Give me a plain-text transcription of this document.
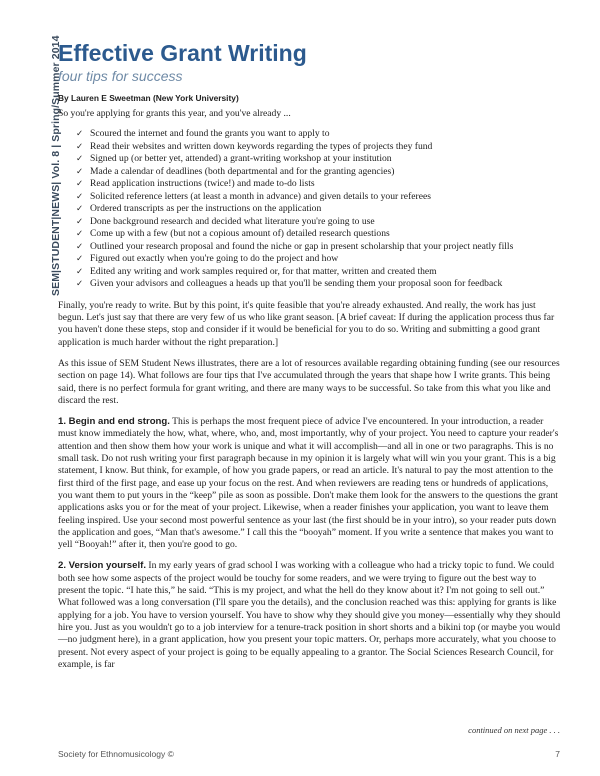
SEM|STUDENT|NEWS| Vol. 8 | Spring/Summer 2014
Effective Grant Writing
four tips for success
By Lauren E Sweetman (New York University)

So you're applying for grants this year, and you've already ...

✓ Scoured the internet and found the grants you want to apply to
✓ Read their websites and written down keywords regarding the types of projects they fund
✓ Signed up (or better yet, attended) a grant-writing workshop at your institution
✓ Made a calendar of deadlines (both departmental and for the granting agencies)
✓ Read application instructions (twice!) and made to-do lists
✓ Solicited reference letters (at least a month in advance) and given details to your referees
✓ Ordered transcripts as per the instructions on the application
✓ Done background research and decided what literature you're going to use
✓ Come up with a few (but not a copious amount of) detailed research questions
✓ Outlined your research proposal and found the niche or gap in present scholarship that your project neatly fills
✓ Figured out exactly when you're going to do the project and how
✓ Edited any writing and work samples required or, for that matter, written and created them
✓ Given your advisors and colleagues a heads up that you'll be sending them your proposal soon for feedback

Finally, you're ready to write. But by this point, it's quite feasible that you're already exhausted. And really, the work has just begun. Let's just say that there are very few of us who like grant season. [A brief caveat: If during the application process thus far you haven't done these steps, stop and consider if it would be beneficial for you to do so. Writing and submitting a good grant application is much harder without the right preparation.]

As this issue of SEM Student News illustrates, there are a lot of resources available regarding obtaining funding (see our resources section on page 14). What follows are four tips that I've accumulated through the years that shape how I write grants. This being said, there is no perfect formula for grant writing, and there are many ways to be successful. So take from this what you like and discard the rest.

1. Begin and end strong. This is perhaps the most frequent piece of advice I've encountered. In your introduction, a reader must know immediately the how, what, where, who, and, most importantly, why of your project. You need to capture your reader's attention and then show them how your work is unique and what it will accomplish—and all in one or two paragraphs. This is no small task. Do not rush writing your first paragraph because in my opinion it is largely what will win you your grant. This is a big statement, I know. But think, for example, of how you grade papers, or read an article. It's natural to pay the most attention to the first third of the first page, and ease up your focus on the rest. And when reviewers are reading tens or hundreds of applications, you want them to put yours in the “keep” pile as soon as possible. Don't make them look for the answers to the questions the grant applications asks you or for the meat of your project. Likewise, when a reader finishes your application, you want to leave them feeling inspired. Use your second most powerful sentence as your last (the first should be in your intro), so your reader puts down the application and goes, “Man that's awesome.” I call this the “booyah” moment. If you write a sentence that makes you want to yell “Booyah!” after it, then you're good to go.

2. Version yourself. In my early years of grad school I was working with a colleague who had a tricky topic to fund. We could both see how some aspects of the project would be touchy for some readers, and we were trying to figure out the best way to present the topic. “I hate this,” he said. “This is my project, and what the hell do they know about it? I'm not going to sell out.” What followed was a long conversation (I'll spare you the details), and the conclusion reached was this: applying for grants is like applying for a job. You have to version yourself. You have to show why they should give you money—essentially why they should hire you. Just as you wouldn't go to a job interview for a tenure-track position in short shorts and a bikini top (or maybe you would—no judgment here), in a grant application, how you present your topic matters. Or, perhaps more accurately, what you choose to present. Not every aspect of your project is going to be equally appealing to a grantor. The Social Sciences Research Council, for example, is far

continued on next page . . .
Society for Ethnomusicology ©	7
